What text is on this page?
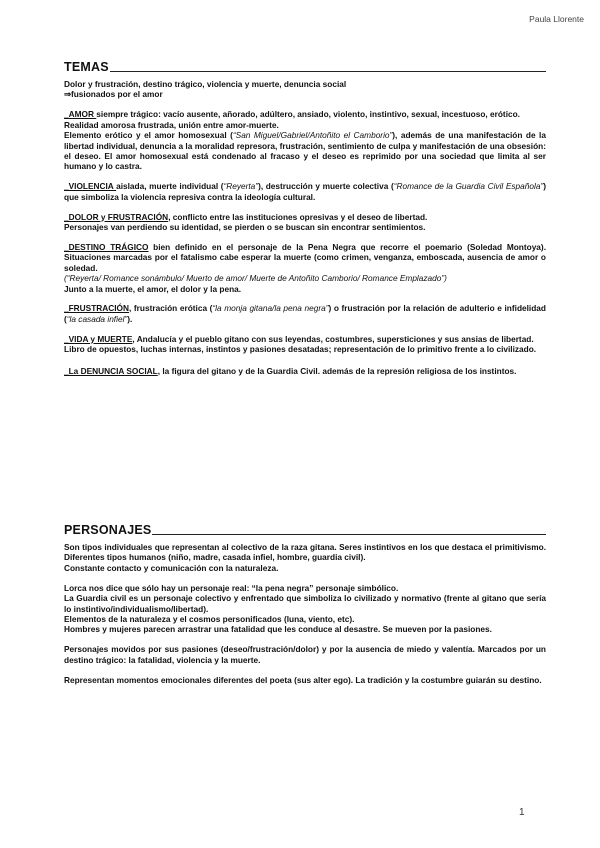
Paula Llorente
TEMAS

Dolor y frustración, destino trágico, violencia y muerte, denuncia social

⇒fusionados por el amor

_AMOR siempre trágico: vacío ausente, añorado, adúltero, ansiado, violento, instintivo, sexual, incestuoso, erótico.

Realidad amorosa frustrada, unión entre amor-muerte.

Elemento erótico y el amor homosexual (“San Miguel/Gabriel/Antoñito el Camborio”), además de una manifestación de la libertad individual, denuncia a la moralidad represora, frustración, sentimiento de culpa y manifestación de una obsesión: el deseo. El amor homosexual está condenado al fracaso y el deseo es reprimido por una sociedad que limita al ser humano y lo castra.

_VIOLENCIA aislada, muerte individual (“Reyerta”), destrucción y muerte colectiva (“Romance de la Guardia Civil Española”) que simboliza la violencia represiva contra la ideología cultural.

_DOLOR y FRUSTRACIÓN, conflicto entre las instituciones opresivas y el deseo de libertad.

Personajes van perdiendo su identidad, se pierden o se buscan sin encontrar sentimientos.

_DESTINO TRÁGICO bien definido en el personaje de la Pena Negra que recorre el poemario (Soledad Montoya). Situaciones marcadas por el fatalismo cabe esperar la muerte (como crimen, venganza, emboscada, ausencia de amor o soledad.

(“Reyerta/ Romance sonámbulo/ Muerto de amor/ Muerte de Antoñito Camborio/ Romance Emplazado”)

Junto a la muerte, el amor, el dolor y la pena.

_FRUSTRACIÓN, frustración erótica (“la monja gitana/la pena negra”) o frustración por la relación de adulterio e infidelidad (“la casada infiel”).

_VIDA y MUERTE, Andalucía y el pueblo gitano con sus leyendas, costumbres, supersticiones y sus ansias de libertad.

Libro de opuestos, luchas internas, instintos y pasiones desatadas; representación de lo primitivo frente a lo civilizado.

_La DENUNCIA SOCIAL, la figura del gitano y de la Guardia Civil. además de la represión religiosa de los instintos.

PERSONAJES

Son tipos individuales que representan al colectivo de la raza gitana. Seres instintivos en los que destaca el primitivismo. Diferentes tipos humanos (niño, madre, casada infiel, hombre, guardia civil).

Constante contacto y comunicación con la naturaleza.

Lorca nos dice que sólo hay un personaje real: “la pena negra” personaje simbólico.

La Guardia civil es un personaje colectivo y enfrentado que simboliza lo civilizado y normativo (frente al gitano que sería lo instintivo/individualismo/libertad).

Elementos de la naturaleza y el cosmos personificados (luna, viento, etc).

Hombres y mujeres parecen arrastrar una fatalidad que les conduce al desastre. Se mueven por la pasiones.

Personajes movidos por sus pasiones (deseo/frustración/dolor) y por la ausencia de miedo y valentía. Marcados por un destino trágico: la fatalidad, violencia y la muerte.

Representan momentos emocionales diferentes del poeta (sus alter ego). La tradición y la costumbre guiarán su destino.

1
